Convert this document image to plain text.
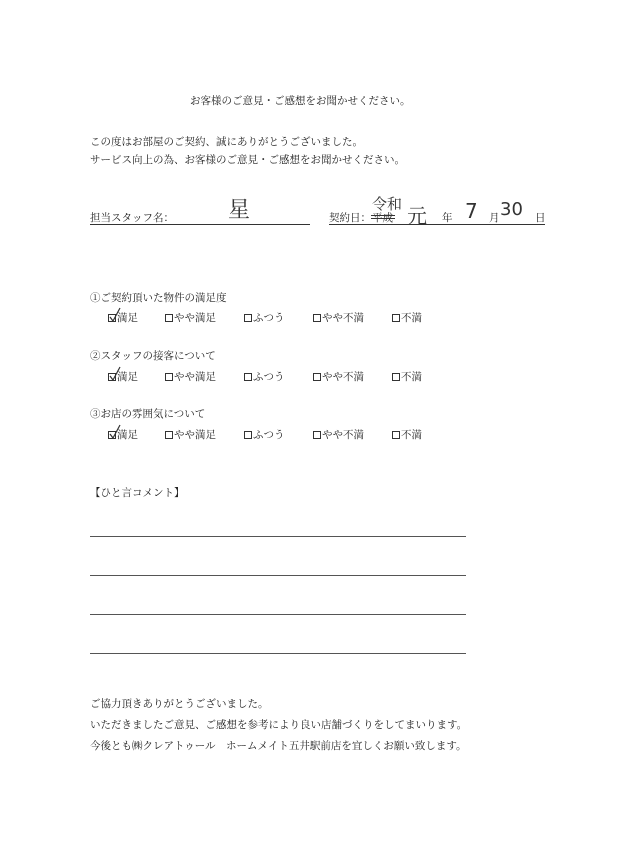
お客様のご意見・ご感想をお聞かせください。
この度はお部屋のご契約、誠にありがとうございました。
サービス向上の為、お客様のご意見・ご感想をお聞かせください。
担当スタッフ名： 星	契約日： 平成
令和 元 年 7 月 30 日
①ご契約頂いた物件の満足度
満足	やや満足	ふつう	やや不満	不満
②スタッフの接客について
満足	やや満足	ふつう	やや不満	不満
③お店の雰囲気について
満足	やや満足	ふつう	やや不満	不満
【ひと言コメント】
ご協力頂きありがとうございました。
いただきましたご意見、ご感想を参考により良い店舗づくりをしてまいります。
今後とも㈱クレアトゥール　ホームメイト五井駅前店を宜しくお願い致します。
